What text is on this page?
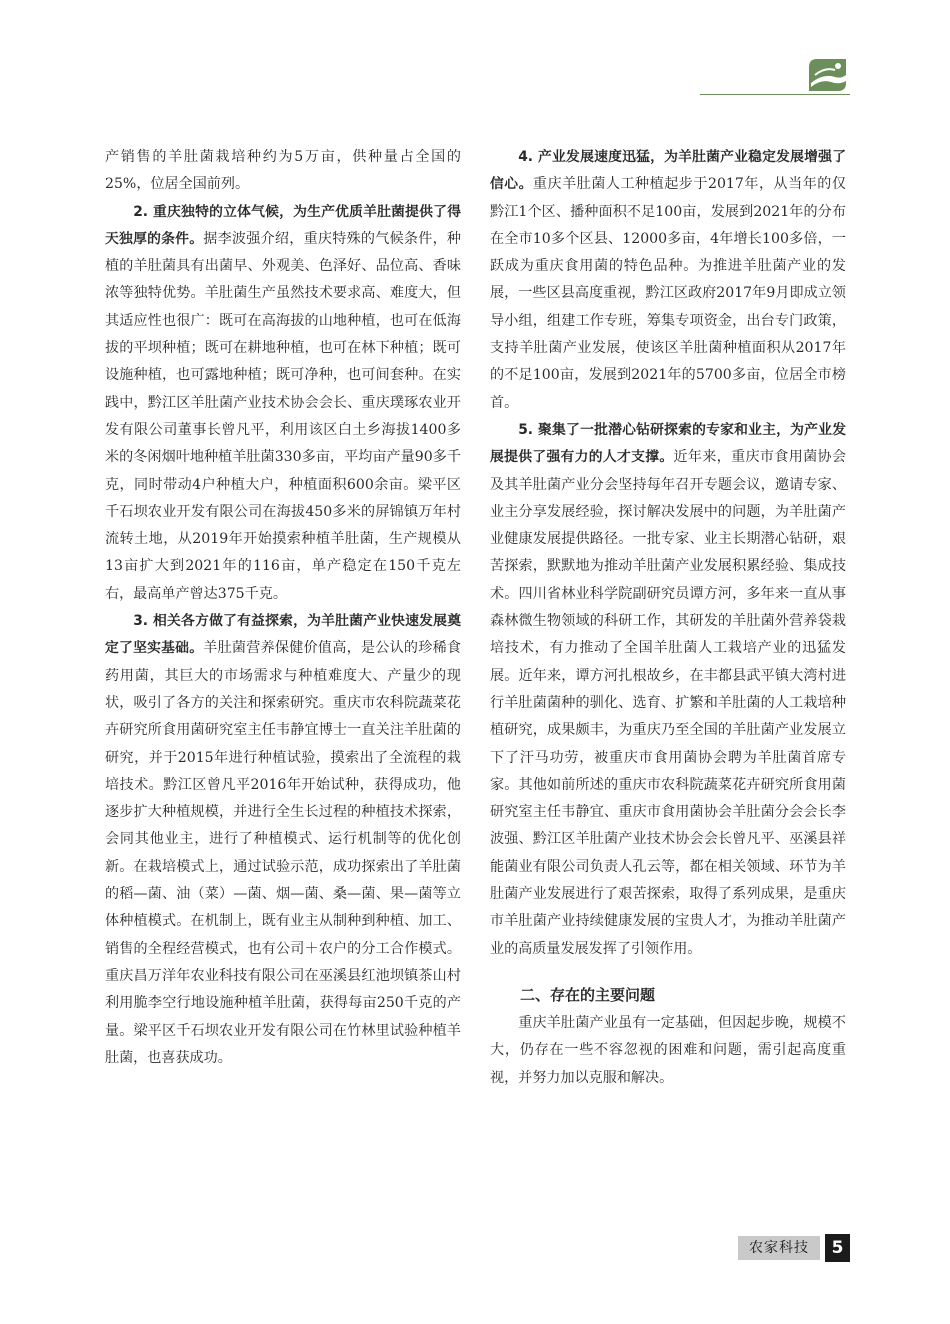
产销售的羊肚菌栽培种约为5万亩，供种量占全国的25%，位居全国前列。

2. 重庆独特的立体气候，为生产优质羊肚菌提供了得天独厚的条件。据李波强介绍，重庆特殊的气候条件，种植的羊肚菌具有出菌早、外观美、色泽好、品位高、香味浓等独特优势。羊肚菌生产虽然技术要求高、难度大，但其适应性也很广：既可在高海拔的山地种植，也可在低海拔的平坝种植；既可在耕地种植，也可在林下种植；既可设施种植，也可露地种植；既可净种，也可间套种。在实践中，黔江区羊肚菌产业技术协会会长、重庆璞琢农业开发有限公司董事长曾凡平，利用该区白土乡海拔1400多米的冬闲烟叶地种植羊肚菌330多亩，平均亩产量90多千克，同时带动4户种植大户，种植面积600余亩。梁平区千石坝农业开发有限公司在海拔450多米的屏锦镇万年村流转土地，从2019年开始摸索种植羊肚菌，生产规模从13亩扩大到2021年的116亩，单产稳定在150千克左右，最高单产曾达375千克。

3. 相关各方做了有益探索，为羊肚菌产业快速发展奠定了坚实基础。羊肚菌营养保健价值高，是公认的珍稀食药用菌，其巨大的市场需求与种植难度大、产量少的现状，吸引了各方的关注和探索研究。重庆市农科院蔬菜花卉研究所食用菌研究室主任韦静宜博士一直关注羊肚菌的研究，并于2015年进行种植试验，摸索出了全流程的栽培技术。黔江区曾凡平2016年开始试种，获得成功，他逐步扩大种植规模，并进行全生长过程的种植技术探索，会同其他业主，进行了种植模式、运行机制等的优化创新。在栽培模式上，通过试验示范，成功探索出了羊肚菌的稻—菌、油（菜）—菌、烟—菌、桑—菌、果—菌等立体种植模式。在机制上，既有业主从制种到种植、加工、销售的全程经营模式，也有公司＋农户的分工合作模式。重庆昌万洋年农业科技有限公司在巫溪县红池坝镇茶山村利用脆李空行地设施种植羊肚菌，获得每亩250千克的产量。梁平区千石坝农业开发有限公司在竹林里试验种植羊肚菌，也喜获成功。

4. 产业发展速度迅猛，为羊肚菌产业稳定发展增强了信心。重庆羊肚菌人工种植起步于2017年，从当年的仅黔江1个区、播种面积不足100亩，发展到2021年的分布在全市10多个区县、12000多亩，4年增长100多倍，一跃成为重庆食用菌的特色品种。为推进羊肚菌产业的发展，一些区县高度重视，黔江区政府2017年9月即成立领导小组，组建工作专班，筹集专项资金，出台专门政策，支持羊肚菌产业发展，使该区羊肚菌种植面积从2017年的不足100亩，发展到2021年的5700多亩，位居全市榜首。

5. 聚集了一批潜心钻研探索的专家和业主，为产业发展提供了强有力的人才支撑。近年来，重庆市食用菌协会及其羊肚菌产业分会坚持每年召开专题会议，邀请专家、业主分享发展经验，探讨解决发展中的问题，为羊肚菌产业健康发展提供路径。一批专家、业主长期潜心钻研，艰苦探索，默默地为推动羊肚菌产业发展积累经验、集成技术。四川省林业科学院副研究员谭方河，多年来一直从事森林微生物领域的科研工作，其研发的羊肚菌外营养袋栽培技术，有力推动了全国羊肚菌人工栽培产业的迅猛发展。近年来，谭方河扎根故乡，在丰都县武平镇大湾村进行羊肚菌菌种的驯化、选育、扩繁和羊肚菌的人工栽培种植研究，成果颇丰，为重庆乃至全国的羊肚菌产业发展立下了汗马功劳，被重庆市食用菌协会聘为羊肚菌首席专家。其他如前所述的重庆市农科院蔬菜花卉研究所食用菌研究室主任韦静宜、重庆市食用菌协会羊肚菌分会会长李波强、黔江区羊肚菌产业技术协会会长曾凡平、巫溪县祥能菌业有限公司负责人孔云等，都在相关领域、环节为羊肚菌产业发展进行了艰苦探索，取得了系列成果，是重庆市羊肚菌产业持续健康发展的宝贵人才，为推动羊肚菌产业的高质量发展发挥了引领作用。

二、存在的主要问题

重庆羊肚菌产业虽有一定基础，但因起步晚，规模不大，仍存在一些不容忽视的困难和问题，需引起高度重视，并努力加以克服和解决。

农家科技	5
